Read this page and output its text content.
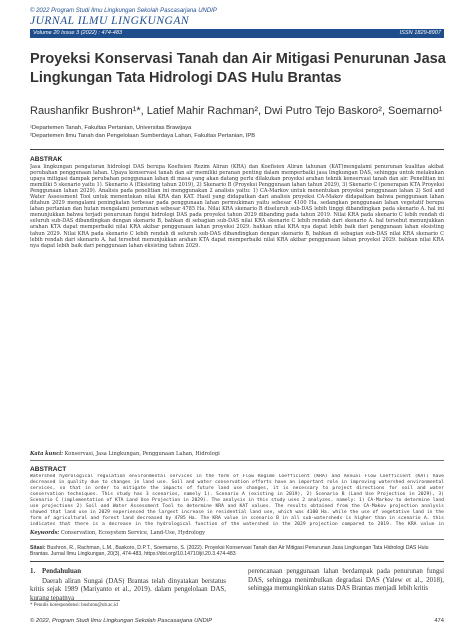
© 2022 Program Studi Ilmu Lingkungan Sekolah Pascasarjana UNDIP
JURNAL ILMU LINGKUNGAN
Volume 20 Issue 3 (2022) : 474-483	ISSN 1829-8907
Proyeksi Konservasi Tanah dan Air Mitigasi Penurunan Jasa Lingkungan Tata Hidrologi DAS Hulu Brantas
Raushanfikr Bushron¹*, Latief Mahir Rachman², Dwi Putro Tejo Baskoro², Soemarno¹
¹Departemen Tanah, Fakultas Pertanian, Universitas Brawijaya
²Departemen Ilmu Tanah dan Pengelolaan Sumberdaya Lahan, Fakultas Pertanian, IPB
ABSTRAK
Jasa lingkungan pengaturan hidrologi DAS berupa Koefisien Rezim Aliran (KRA) dan Koefisien Aliran tahunan (KAT)mengalami penurunan kualitas akibat perubahan penggunaan lahan. Upaya konservasi tanah dan air memiliki peranan penting dalam memperbaiki jasa lingkungan DAS, sehingga untuk melakukan upaya mitigasi dampak perubahan penggunaan lahan di masa yang akan datang perlu dilakukan proyeksi arahan teknik konservasi tanah dan air. Penelitian ini memiliki 5 skenario yaitu 1). Skenario A (Eksisting tahun 2019), 2) Skenario B (Proyeksi Penggunaan lahan tahun 2029), 3) Skenario C (penerapan KTA Proyeksi Penggunaan lahan 2029). Analisis pada penelitian ini menggunakan 2 analisis yaitu: 1) CA-Markov untuk menentukan proyeksi penggunaan lahan 2) Soil and Water Assessment Tool untuk menentukan nilai KRA dan KAT. Hasil yang didapatkan dari analisis proyeksi CA-Makov didapatkan bahwa penggunaan lahan ditahun 2029 mengalami peningkatan terbesar pada penggunaan lahan permukiman yaitu sebesar 4100 Ha. sedangkan penggunaan lahan vegetatif berupa lahan pertanian dan hutan mengalami penurunan sebesar 4785 Ha. Nilai KRA skenario B diseluruh sub-DAS lebih tinggi dibandingkan pada skenario A. hal ini menunjukkan bahwa terjadi penurunan fungsi hidrologi DAS pada proyeksi tahun 2029 dibanding pada tahun 2019. Nilai KRA pada skenario C lebih rendah di seluruh sub-DAS dibandingkan dengan skenario B, bahkan di sebagian sub-DAS nilai KRA skenario C lebih rendah dari skenario A. hal tersebut menunjukkan arahan KTA dapat memperbaiki nilai KRA akibar penggunaan lahan proyeksi 2029. bahkan nilai KRA nya dapat lebih baik dari penggunaan lahan eksisting tahun 2029. Nilai KRA pada skenario C lebih rendah di seluruh sub-DAS dibandingkan dengan skenario B, bahkan di sebagian sub-DAS nilai KRA skenario C lebih rendah dari skenario A. hal tersebut menunjukkan arahan KTA dapat memperbaiki nilai KRA akibar penggunaan lahan proyeksi 2029. bahkan nilai KRA nya dapat lebih baik dari penggunaan lahan eksisting tahun 2029.
Kata kunci: Konservasi, Jasa Lingkungan, Penggunaan Lahan, Hidrologi
ABSTRACT
Watershed hydrological regulation environmental services in the form of Flow Regime Coefficient (KRA) and Annual Flow Coefficient (KAT) have decreased in quality due to changes in land use. Soil and water conservation efforts have an important role in improving watershed environmental services, so that in order to mitigate the impacts of future land use changes, it is necessary to project directions for soil and water conservation techniques. This study has 3 scenarios, namely 1). Scenario A (existing in 2019), 2) Scenario B (Land Use Projection in 2029), 3) Scenario C (implementation of KTA Land Use Projection in 2029). The analysis in this study uses 2 analyzes, namely: 1) CA-Markov to determine land use projections 2) Soil and Water Assessment Tool to determine KRA and KAT values. The results obtained from the CA-Makov projection analysis showed that land use in 2029 experienced the largest increase in residential land use, which was 4100 Ha. while the use of vegetative land in the form of agricultural and forest land decreased by 4785 Ha. The KRA value in scenario B in all sub-watersheds is higher than in scenario A. this indicates that there is a decrease in the hydrological function of the watershed in the 2029 projection compared to 2019. The KRA value in
Keywords: Conservation, Ecosystem Service, Land-Use, Hydrology
Sitasi: Bushron, R., Rachman, L.M., Baskoro, D.P.T., Soemarno, S. (2022). Proyeksi Konservasi Tanah dan Air Mitigasi Penurunan Jasa Lingkungan Tata Hidrologi DAS Hulu Brantas. Jurnal Ilmu Lingkungan, 20(3), 474-483, https://doi.org/10.14710/jil.20.3.474-483
1. Pendahuluan
Daerah aliran Sungai (DAS) Brantas telah dinyatakan berstatus kritis sejak 1989 (Mariyanto et al., 2019). dalam pengelolaan DAS, kurang tepatnya
perencanaan penggunaan lahan berdampak pada penurunan fungsi DAS, sehingga menimbulkan degradasi DAS (Yalew et al., 2018), sehingga memungkinkan status DAS Brantas menjadi lebih kritis
* Penulis korespondensi: bushron@ub.ac.id
© 2022, Program Studi Ilmu Lingkungan Sekolah Pascasarjana UNDIP	474
